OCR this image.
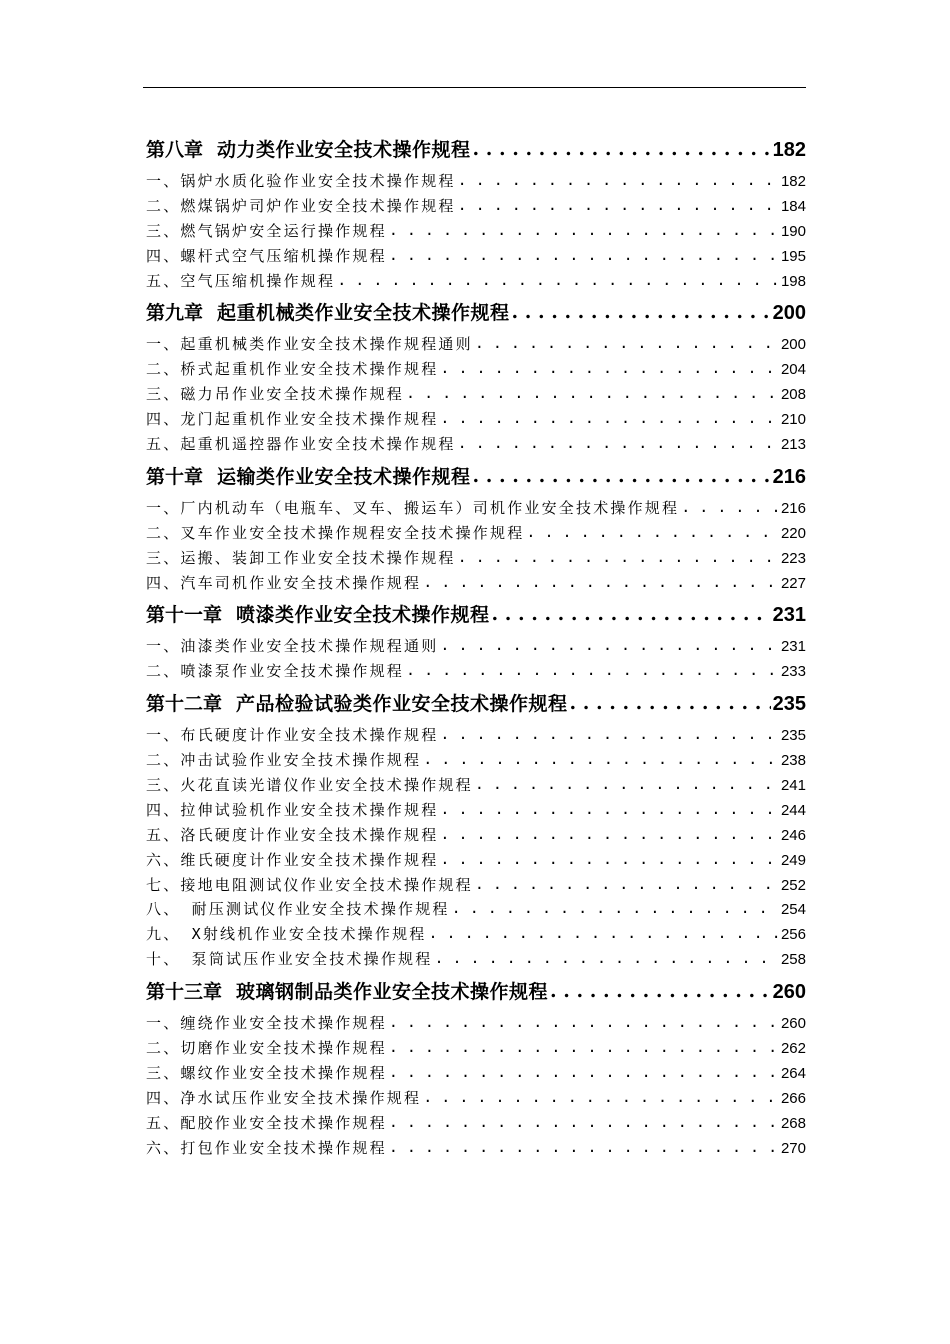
第八章 动力类作业安全技术操作规程 . . .	182
一、锅炉水质化验作业安全技术操作规程 . . .	182
二、燃煤锅炉司炉作业安全技术操作规程 . . .	184
三、燃气锅炉安全运行操作规程 . . .	190
四、螺杆式空气压缩机操作规程 . . .	195
五、空气压缩机操作规程 . . .	198
第九章 起重机械类作业安全技术操作规程 . . .	200
一、起重机械类作业安全技术操作规程通则 . . .	200
二、桥式起重机作业安全技术操作规程 . . .	204
三、磁力吊作业安全技术操作规程 . . .	208
四、龙门起重机作业安全技术操作规程 . . .	210
五、起重机遥控器作业安全技术操作规程 . . .	213
第十章 运输类作业安全技术操作规程 . . .	216
一、厂内机动车（电瓶车、叉车、搬运车）司机作业安全技术操作规程 . . .	216
二、叉车作业安全技术操作规程安全技术操作规程 . . .	220
三、运搬、装卸工作业安全技术操作规程 . . .	223
四、汽车司机作业安全技术操作规程 . . .	227
第十一章 喷漆类作业安全技术操作规程 . . .	231
一、油漆类作业安全技术操作规程通则 . . .	231
二、喷漆泵作业安全技术操作规程 . . .	233
第十二章 产品检验试验类作业安全技术操作规程 . . .	235
一、布氏硬度计作业安全技术操作规程 . . .	235
二、冲击试验作业安全技术操作规程 . . .	238
三、火花直读光谱仪作业安全技术操作规程 . . .	241
四、拉伸试验机作业安全技术操作规程 . . .	244
五、洛氏硬度计作业安全技术操作规程 . . .	246
六、维氏硬度计作业安全技术操作规程 . . .	249
七、接地电阻测试仪作业安全技术操作规程 . . .	252
八、 耐压测试仪作业安全技术操作规程 . . .	254
九、 X射线机作业安全技术操作规程 . . .	256
十、 泵筒试压作业安全技术操作规程 . . .	258
第十三章 玻璃钢制品类作业安全技术操作规程 . . .	260
一、缠绕作业安全技术操作规程 . . .	260
二、切磨作业安全技术操作规程 . . .	262
三、螺纹作业安全技术操作规程 . . .	264
四、净水试压作业安全技术操作规程 . . .	266
五、配胶作业安全技术操作规程 . . .	268
六、打包作业安全技术操作规程 . . .	270
